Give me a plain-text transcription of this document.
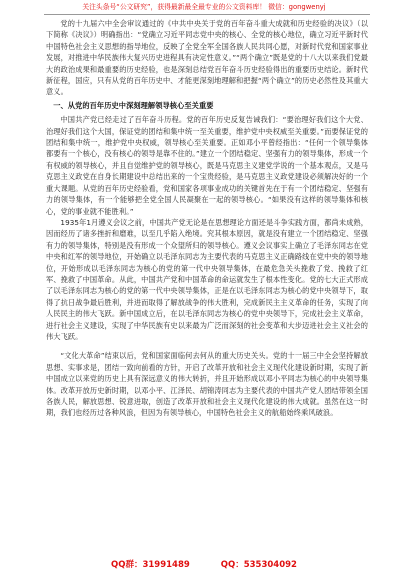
关注头条号“公文研究”，获得最新最全最专业的公文资料库！ 微信：gongwenyj

党的十九届六中全会审议通过的《中共中央关于党的百年奋斗重大成就和历史经验的决议》（以下简称《决议》）明确指出：“党确立习近平同志党中央的核心、全党的核心地位，确立习近平新时代中国特色社会主义思想的指导地位，反映了全党全军全国各族人民共同心愿，对新时代党和国家事业发展，对推进中华民族伟大复兴历史进程具有决定性意义。”“两个确立”既是党的十八大以来我们党最大的政治成果和最重要的历史经验，也是深刻总结党百年奋斗历史经验得出的重要历史结论。新时代新征程，国应，只有从党的百年历史中、才能更深刻地理解和把握“两个确立”的历史必然性及其重大意义。

一、从党的百年历史中深刻理解领导核心至关重要

中国共产党已经走过了百年奋斗历程。党的百年历史反复告诫我们：“要治理好我们这个大党、治理好我们这个大国，保证党的团结和集中统一至关重要，维护党中央权威至关重要。”而要保证党的团结和集中统一，维护党中央权威，领导核心至关重要。正如邓小平曾经指出：“任何一个领导集体都要有一个核心，没有核心的领导是靠不住的。”建立一个团结稳定、坚强有力的领导集体，形成一个有权威的领导核心，并且自觉维护党的领导核心，既是马克思主义建党学说的一个基本观点，又是马克思主义政党在自身长期建设中总结出来的一个宝贵经验，是马克思主义政党建设必须解决好的一个重大课题。从党的百年历史经验看，党和国家各项事业成功的关键首先在于有一个团结稳定、坚强有力的领导集体，有一个能够把全党全国人民凝聚在一起的领导核心。“如果没有这样的领导集体和核心，党的事业就不能胜利。”

1935年1月遵义会议之前，中国共产党无论是在思想理论方面还是斗争实践方面，都尚未成熟，因而经历了诸多挫折和磨难，以至几乎陷入绝境。究其根本原因，就是没有建立一个团结稳定、坚强有力的领导集体，特别是没有形成一个众望所归的领导核心。遵义会议事实上确立了毛泽东同志在党中央和红军的领导地位，开始确立以毛泽东同志为主要代表的马克思主义正确路线在党中央的领导地位，开始形成以毛泽东同志为核心的党的第一代中央领导集体，在最危急关头挽救了党、挽救了红军、挽救了中国革命。从此，中国共产党和中国革命的命运就发生了根本性变化。党的七大正式形成了以毛泽东同志为核心的党的第一代中央领导集体，正是在以毛泽东同志为核心的党中央领导下，取得了抗日战争最后胜利，并进而取得了解放战争的伟大胜利，完成新民主主义革命的任务，实现了向人民民主的伟大飞跃。新中国成立后，在以毛泽东同志为核心的党中央领导下，完成社会主义革命，进行社会主义建设，实现了中华民族有史以来最为广泛而深刻的社会变革和大步迈进社会主义社会的伟大飞跃。

“文化大革命”结束以后，党和国家面临何去何从的重大历史关头。党的十一届三中全会坚持解放思想、实事求是，团结一致向前看的方针，开启了改革开放和社会主义现代化建设新时期，实现了新中国成立以来党的历史上具有深远意义的伟大转折，并且开始形成以邓小平同志为核心的中央领导集体。改革开放历史新时期，以邓小平、江泽民、胡锦涛同志为主要代表的中国共产党人团结带领全国各族人民，解放思想、锐意进取，创造了改革开放和社会主义现代化建设的伟大成就。虽然在这一时期，我们也经历过各种风浪，但因为有领导核心，中国特色社会主义的航船始终乘风破浪。

QQ群：31991489	QQ：535304092
